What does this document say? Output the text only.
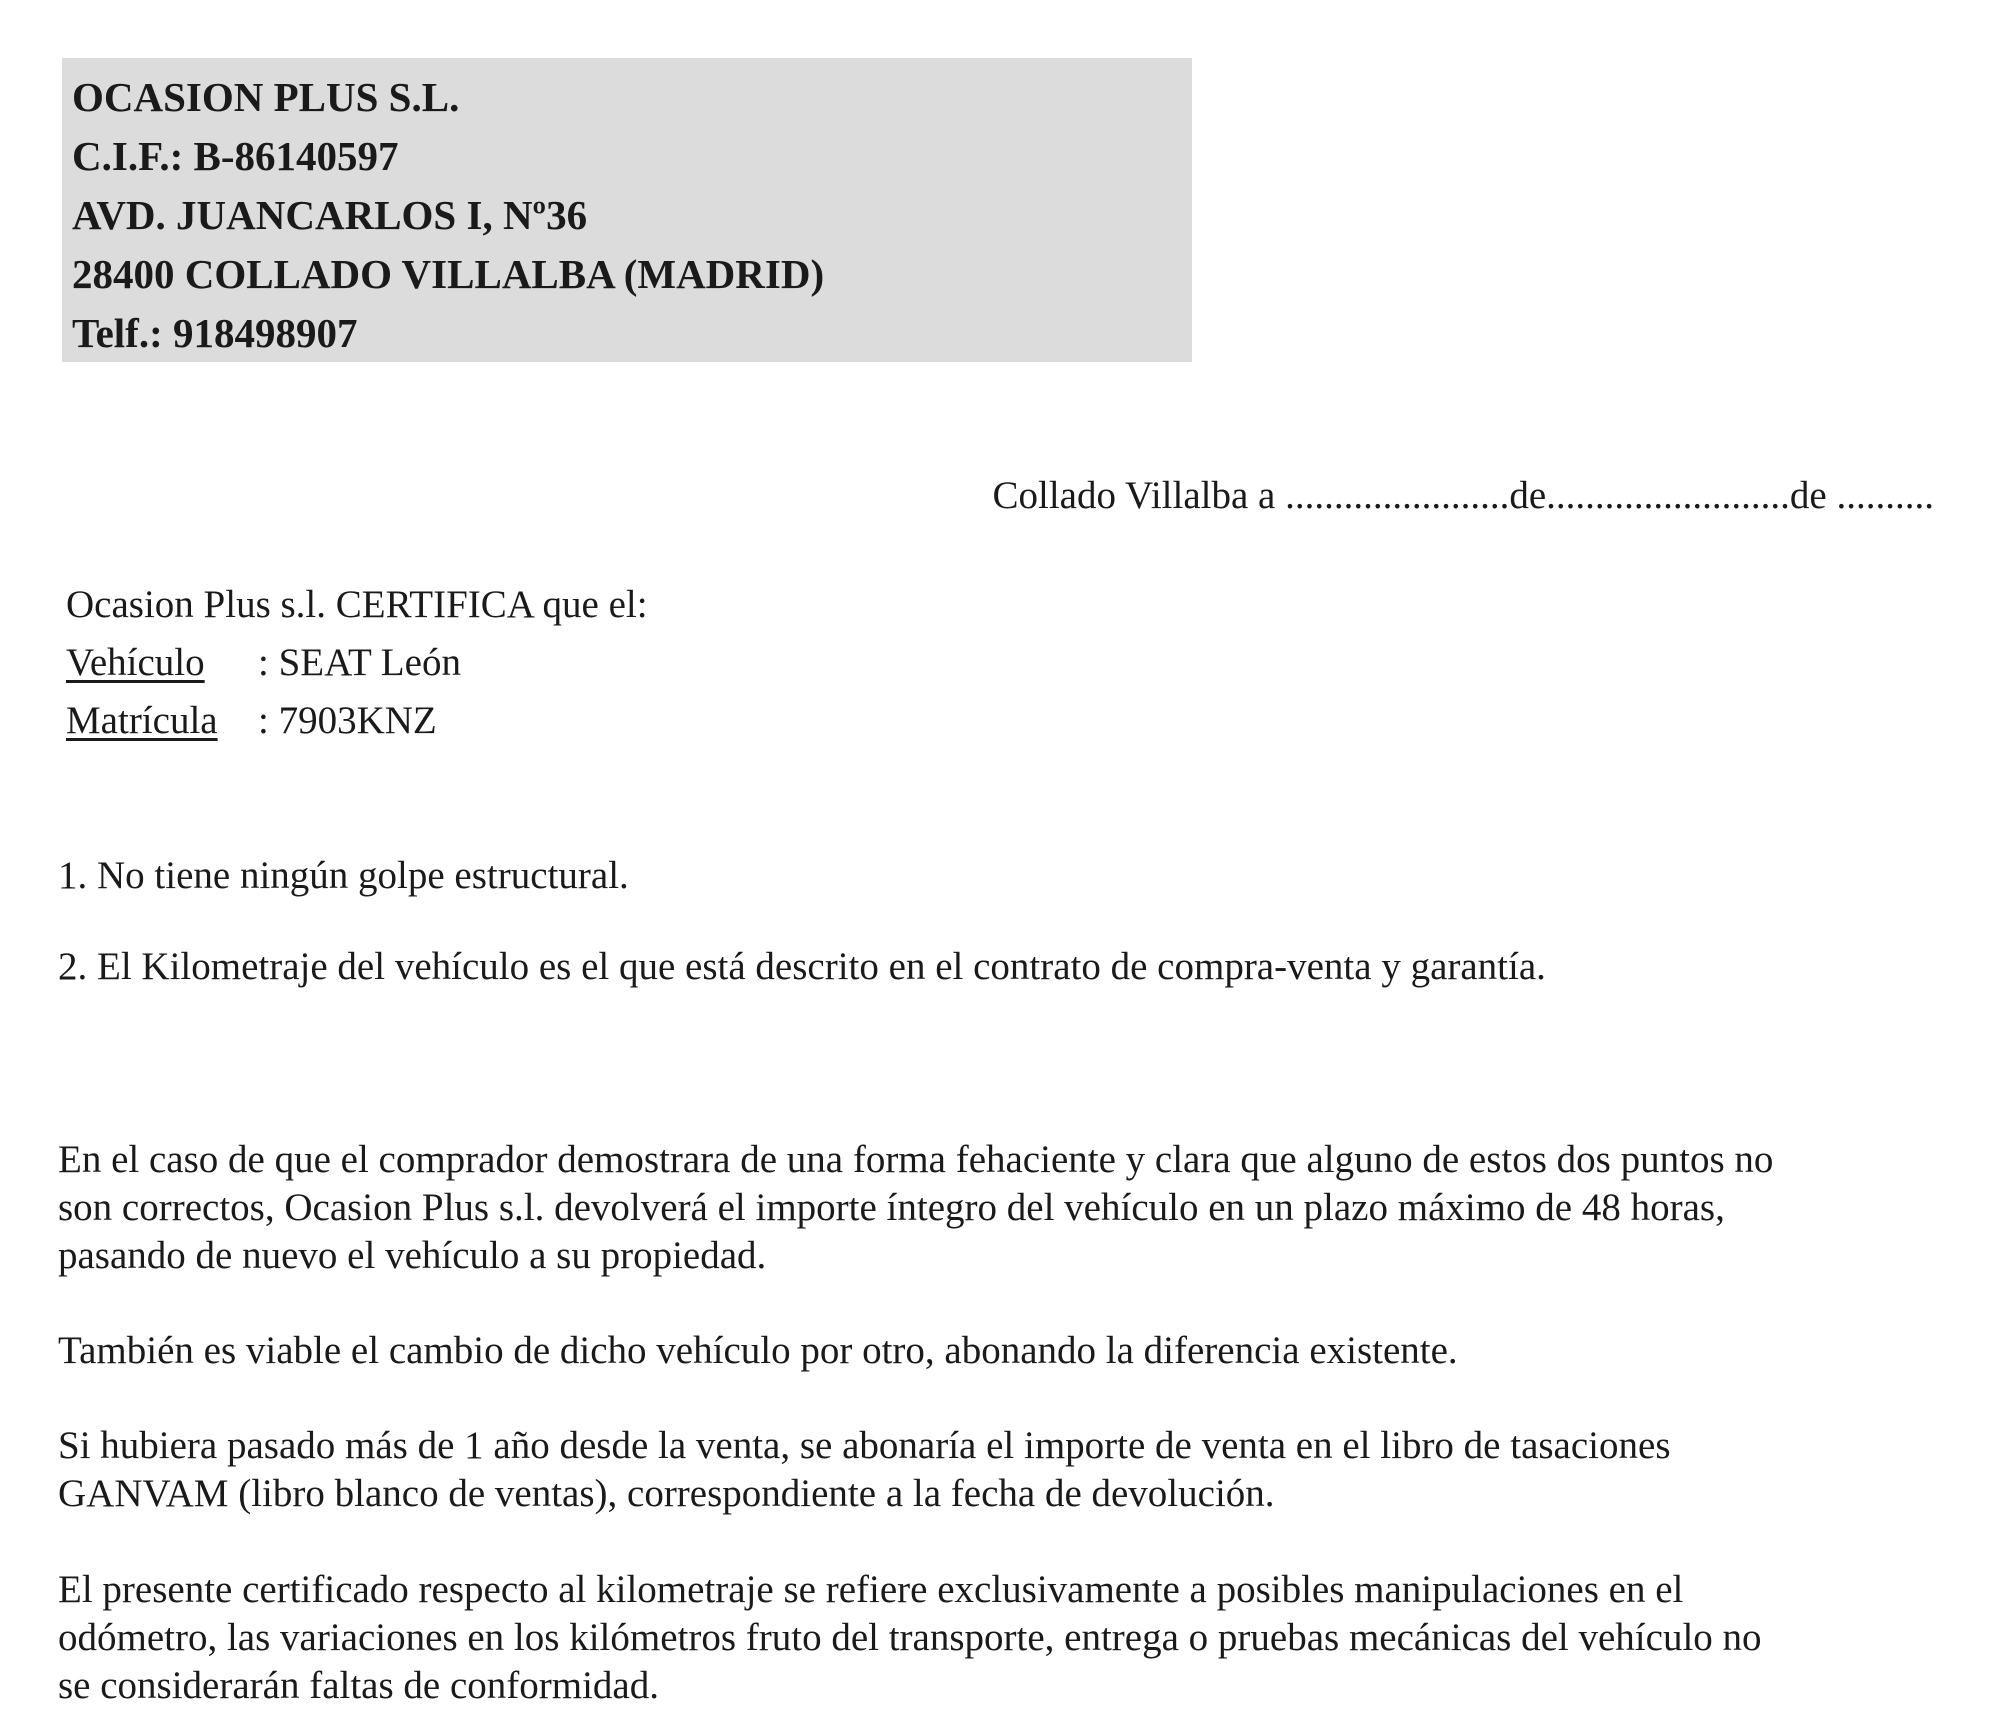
OCASION PLUS S.L.
C.I.F.: B-86140597
AVD. JUANCARLOS I, Nº36
28400 COLLADO VILLALBA (MADRID)
Telf.: 918498907
Collado Villalba a .......................de.........................de ..........
Ocasion Plus s.l. CERTIFICA que el:
Vehículo : SEAT León
Matrícula : 7903KNZ
1. No tiene ningún golpe estructural.
2. El Kilometraje del vehículo es el que está descrito en el contrato de compra-venta y garantía.
En el caso de que el comprador demostrara de una forma fehaciente y clara que alguno de estos dos puntos no
son correctos, Ocasion Plus s.l. devolverá el importe íntegro del vehículo en un plazo máximo de 48 horas,
pasando de nuevo el vehículo a su propiedad.
También es viable el cambio de dicho vehículo por otro, abonando la diferencia existente.
Si hubiera pasado más de 1 año desde la venta, se abonaría el importe de venta en el libro de tasaciones
GANVAM (libro blanco de ventas), correspondiente a la fecha de devolución.
El presente certificado respecto al kilometraje se refiere exclusivamente a posibles manipulaciones en el
odómetro, las variaciones en los kilómetros fruto del transporte, entrega o pruebas mecánicas del vehículo no
se considerarán faltas de conformidad.
